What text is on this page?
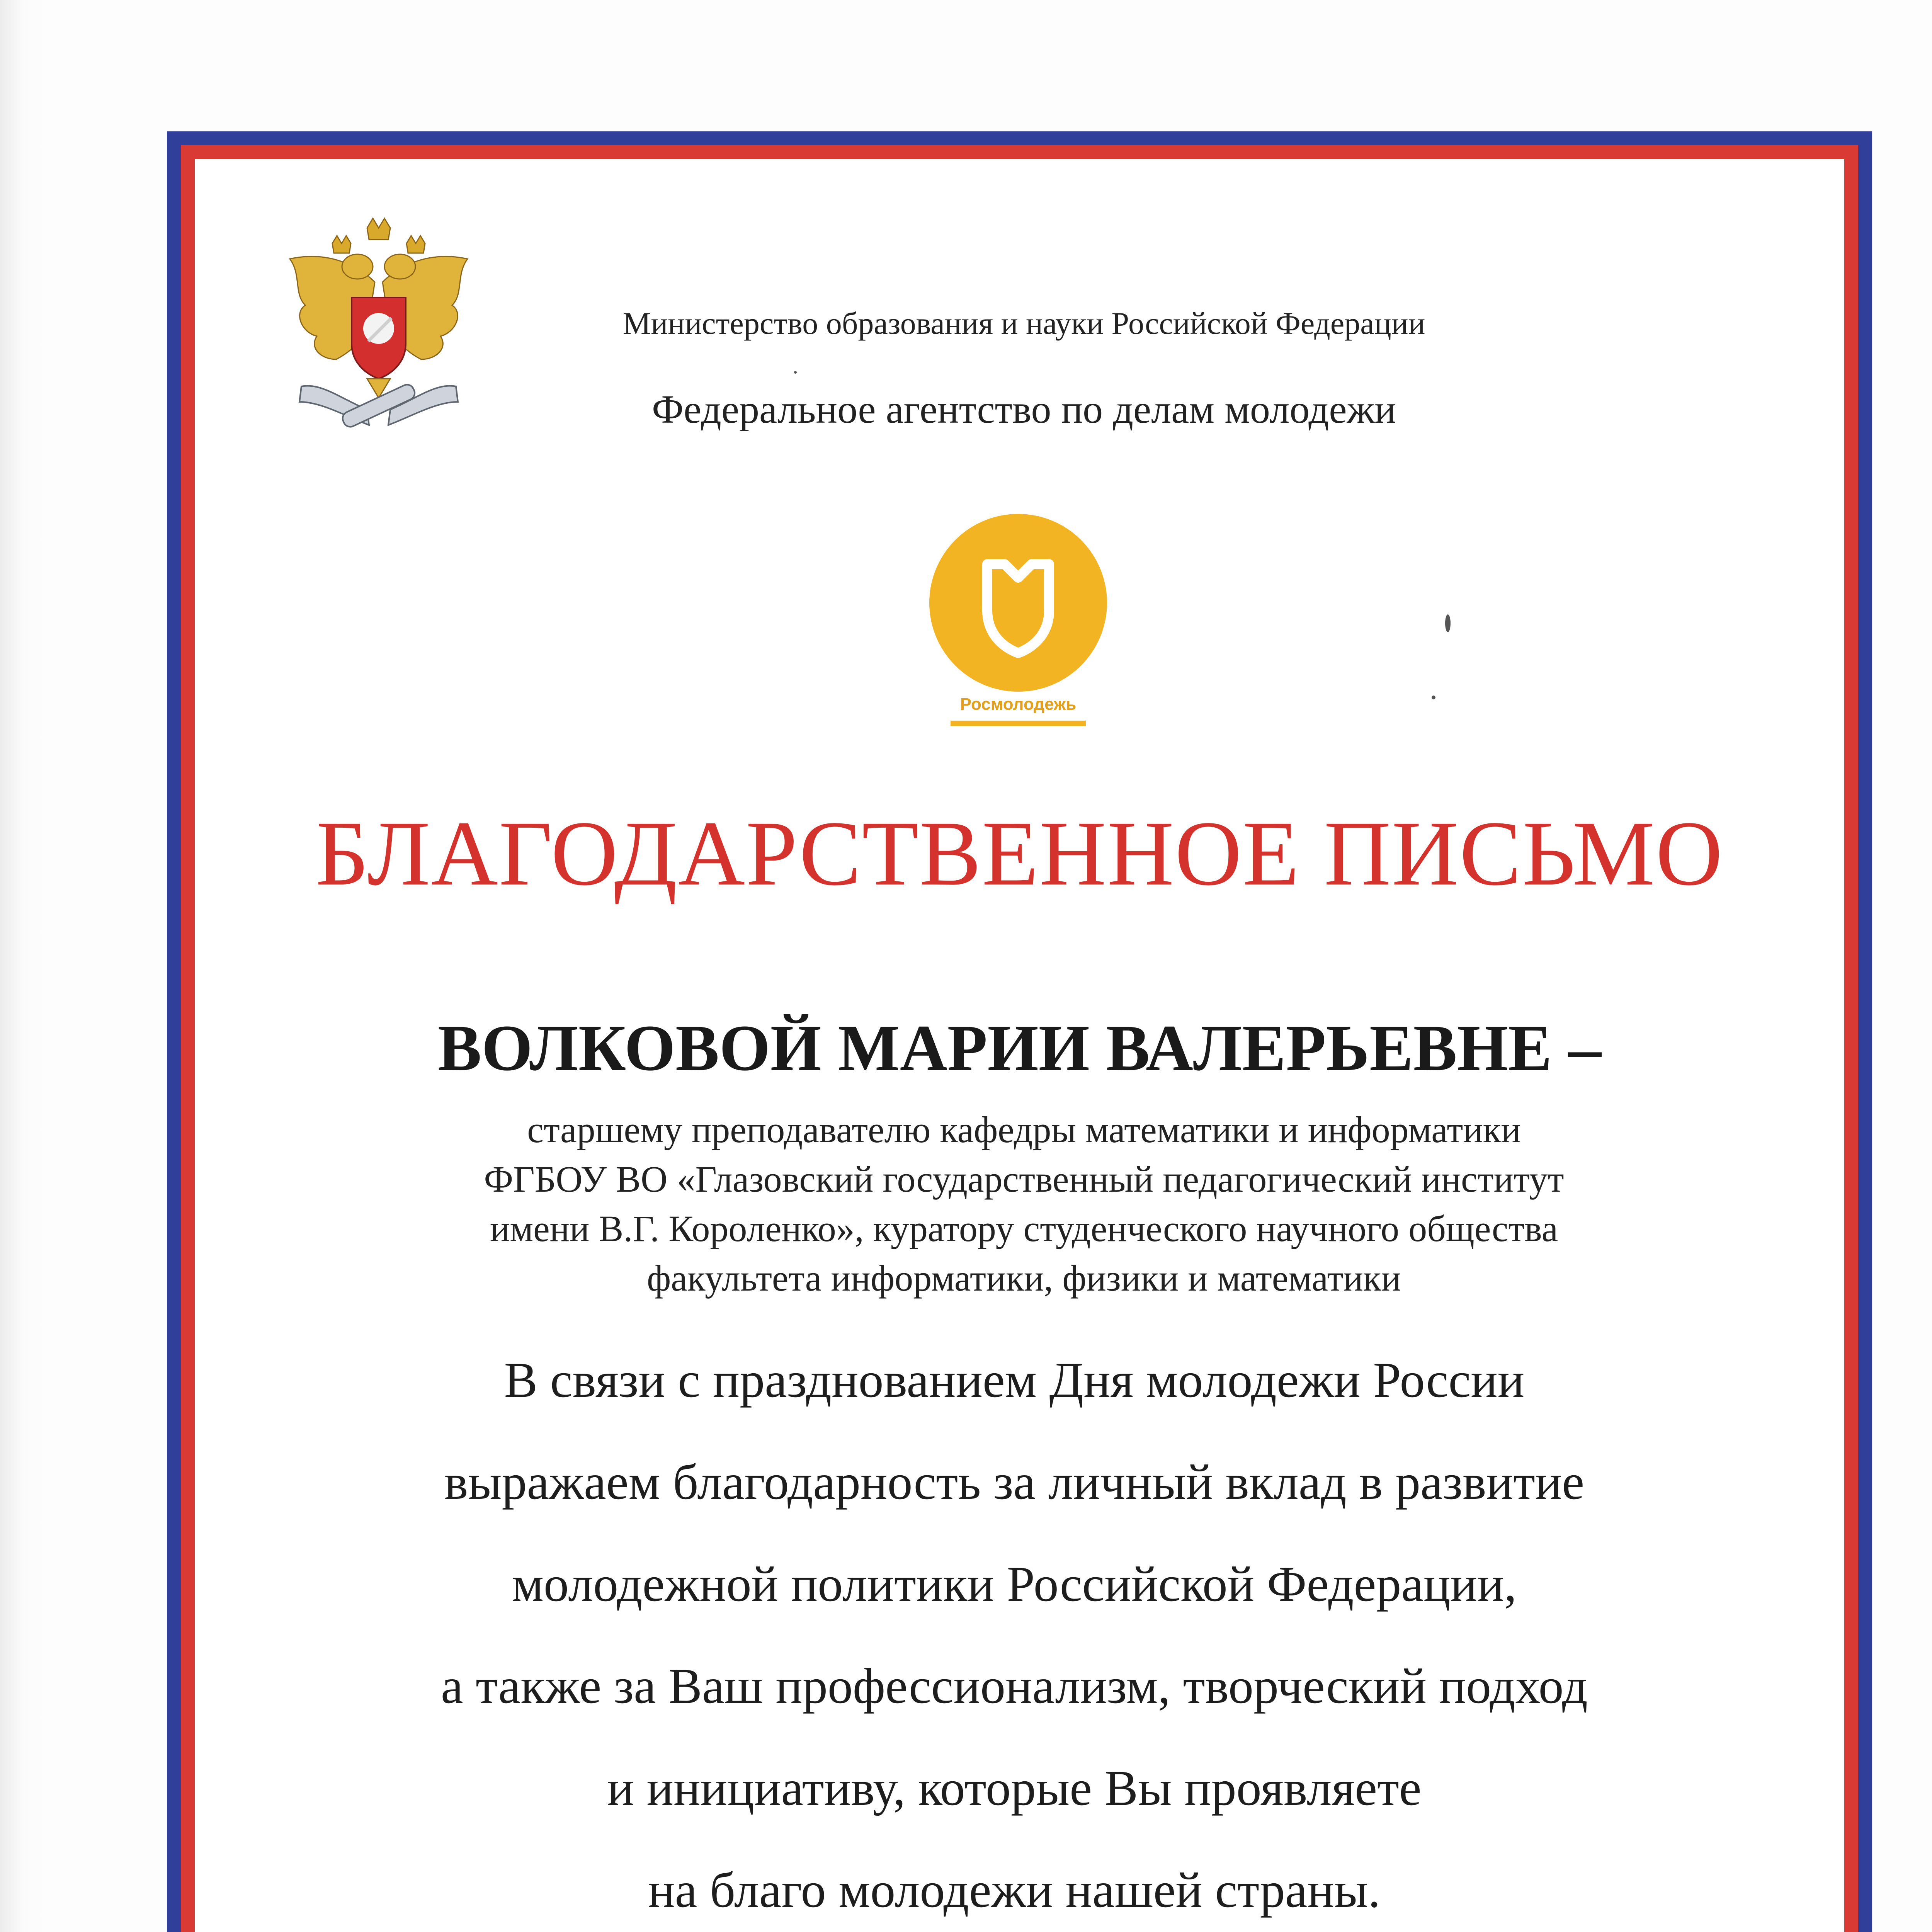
Министерство образования и науки Российской Федерации
Федеральное агентство по делам молодежи
Росмолодежь
БЛАГОДАРСТВЕННОЕ ПИСЬМО
ВОЛКОВОЙ МАРИИ ВАЛЕРЬЕВНЕ –
старшему преподавателю кафедры математики и информатики
ФГБОУ ВО «Глазовский государственный педагогический институт
имени В.Г. Короленко», куратору студенческого научного общества
факультета информатики, физики и математики
В связи с празднованием Дня молодежи России
выражаем благодарность за личный вклад в развитие
молодежной политики Российской Федерации,
а также за Ваш профессионализм, творческий подход
и инициативу, которые Вы проявляете
на благо молодежи нашей страны.
